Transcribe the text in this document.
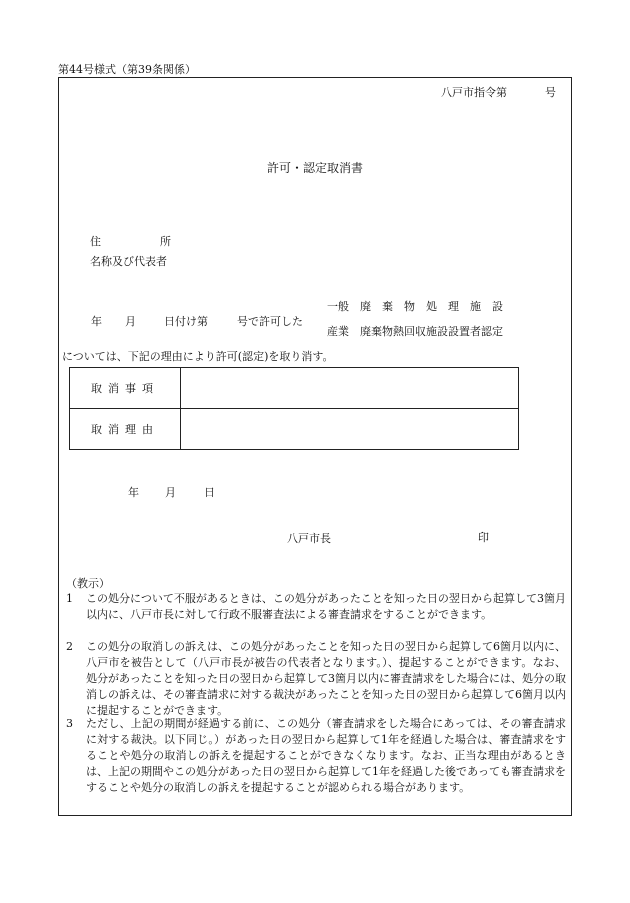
第44号様式（第39条関係）
八戸市指令第	号
許可・認定取消書
住	所
名称及び代表者
年 月	日付け第	号で許可した
一般　廃　棄　物　処　理　施　設
産業　廃棄物熱回収施設設置者認定
については、下記の理由により許可(認定)を取り消す。
取消事項	
取消理由	
年 月	日
八戸市長	印
（教示）
1	この処分について不服があるときは、この処分があったことを知った日の翌日から起算して3箇月以内に、八戸市長に対して行政不服審査法による審査請求をすることができます。
2	この処分の取消しの訴えは、この処分があったことを知った日の翌日から起算して6箇月以内に、八戸市を被告として（八戸市長が被告の代表者となります。）、提起することができます。なお、処分があったことを知った日の翌日から起算して3箇月以内に審査請求をした場合には、処分の取消しの訴えは、その審査請求に対する裁決があったことを知った日の翌日から起算して6箇月以内に提起することができます。
3	ただし、上記の期間が経過する前に、この処分（審査請求をした場合にあっては、その審査請求に対する裁決。以下同じ。）があった日の翌日から起算して1年を経過した場合は、審査請求をすることや処分の取消しの訴えを提起することができなくなります。なお、正当な理由があるときは、上記の期間やこの処分があった日の翌日から起算して1年を経過した後であっても審査請求をすることや処分の取消しの訴えを提起することが認められる場合があります。
